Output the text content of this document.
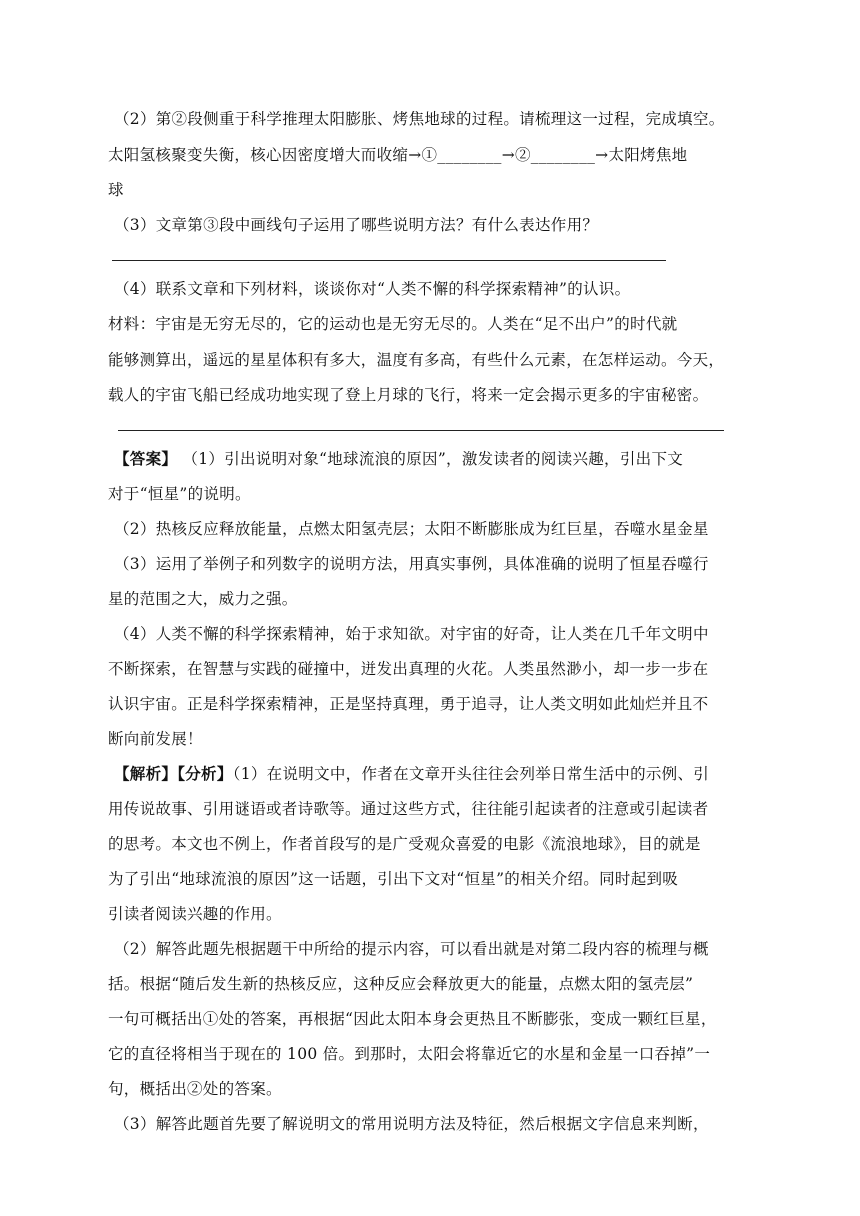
（2）第②段侧重于科学推理太阳膨胀、烤焦地球的过程。请梳理这一过程，完成填空。
太阳氢核聚变失衡，核心因密度增大而收缩→①________→②________→太阳烤焦地
球
（3）文章第③段中画线句子运用了哪些说明方法？有什么表达作用？
（4）联系文章和下列材料，谈谈你对“人类不懈的科学探索精神”的认识。
材料：宇宙是无穷无尽的，它的运动也是无穷无尽的。人类在“足不出户”的时代就
能够测算出，遥远的星星体积有多大，温度有多高，有些什么元素，在怎样运动。今天，
载人的宇宙飞船已经成功地实现了登上月球的飞行，将来一定会揭示更多的宇宙秘密。
【答案】 （1）引出说明对象“地球流浪的原因”，激发读者的阅读兴趣，引出下文
对于“恒星”的说明。
（2）热核反应释放能量，点燃太阳氢壳层；太阳不断膨胀成为红巨星，吞噬水星金星
（3）运用了举例子和列数字的说明方法，用真实事例，具体准确的说明了恒星吞噬行
星的范围之大，威力之强。
（4）人类不懈的科学探索精神，始于求知欲。对宇宙的好奇，让人类在几千年文明中
不断探索，在智慧与实践的碰撞中，迸发出真理的火花。人类虽然渺小，却一步一步在
认识宇宙。正是科学探索精神，正是坚持真理，勇于追寻，让人类文明如此灿烂并且不
断向前发展！
【解析】【分析】（1）在说明文中，作者在文章开头往往会列举日常生活中的示例、引
用传说故事、引用谜语或者诗歌等。通过这些方式，往往能引起读者的注意或引起读者
的思考。本文也不例上，作者首段写的是广受观众喜爱的电影《流浪地球》，目的就是
为了引出“地球流浪的原因”这一话题，引出下文对“恒星”的相关介绍。同时起到吸
引读者阅读兴趣的作用。
（2）解答此题先根据题干中所给的提示内容，可以看出就是对第二段内容的梳理与概
括。根据“随后发生新的热核反应，这种反应会释放更大的能量，点燃太阳的氢壳层”
一句可概括出①处的答案，再根据“因此太阳本身会更热且不断膨张，变成一颗红巨星，
它的直径将相当于现在的 100 倍。到那时，太阳会将靠近它的水星和金星一口吞掉”一
句，概括出②处的答案。
（3）解答此题首先要了解说明文的常用说明方法及特征，然后根据文字信息来判断，
